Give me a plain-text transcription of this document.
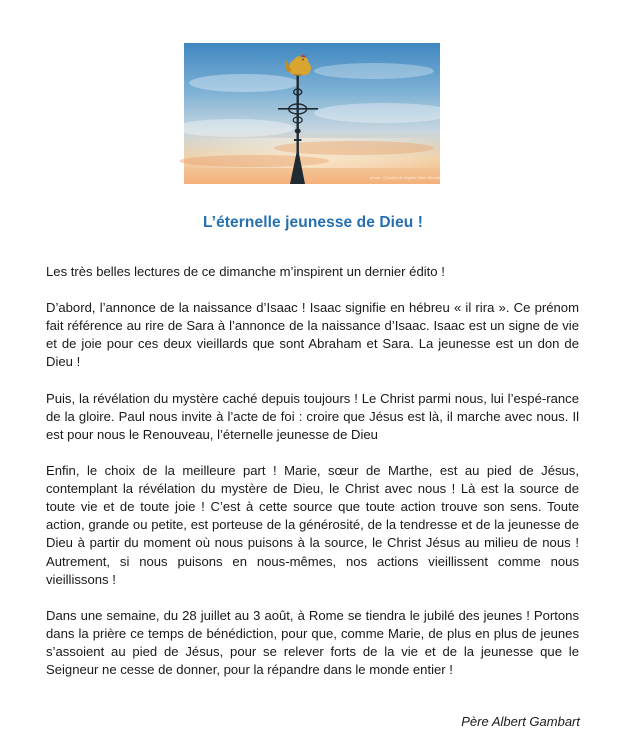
photo : Crochet de l'église Saint-Nicolas EIG65
L’éternelle jeunesse de Dieu !

Les très belles lectures de ce dimanche m’inspirent un dernier édito !

D’abord, l’annonce de la naissance d’Isaac ! Isaac signifie en hébreu « il rira ». Ce prénom fait référence au rire de Sara à l’annonce de la naissance d’Isaac. Isaac est un signe de vie et de joie pour ces deux vieillards que sont Abraham et Sara. La jeunesse est un don de Dieu !

Puis, la révélation du mystère caché depuis toujours ! Le Christ parmi nous, lui l’espé-rance de la gloire. Paul nous invite à l’acte de foi : croire que Jésus est là, il marche avec nous. Il est pour nous le Renouveau, l’éternelle jeunesse de Dieu

Enfin, le choix de la meilleure part ! Marie, sœur de Marthe, est au pied de Jésus, contemplant la révélation du mystère de Dieu, le Christ avec nous ! Là est la source de toute vie et de toute joie ! C’est à cette source que toute action trouve son sens. Toute action, grande ou petite, est porteuse de la générosité, de la tendresse et de la jeunesse de Dieu à partir du moment où nous puisons à la source, le Christ Jésus au milieu de nous ! Autrement, si nous puisons en nous-mêmes, nos actions vieillissent comme nous vieillissons !

Dans une semaine, du 28 juillet au 3 août, à Rome se tiendra le jubilé des jeunes ! Portons dans la prière ce temps de bénédiction, pour que, comme Marie, de plus en plus de jeunes s’assoient au pied de Jésus, pour se relever forts de la vie et de la jeunesse que le Seigneur ne cesse de donner, pour la répandre dans le monde entier !

Père Albert Gambart
